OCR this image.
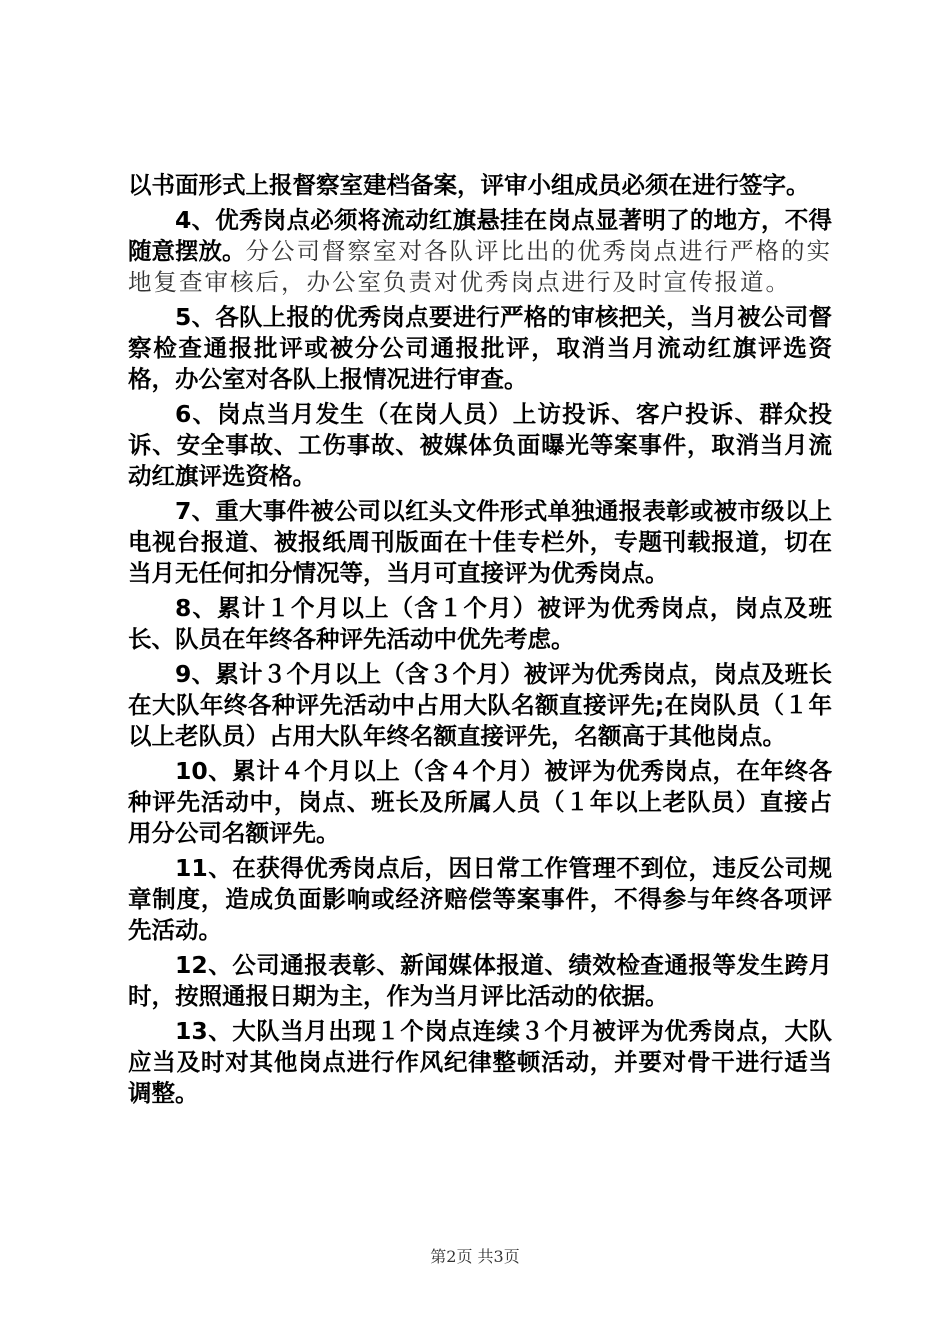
以书面形式上报督察室建档备案，评审小组成员必须在进行签字。

4、优秀岗点必须将流动红旗悬挂在岗点显著明了的地方，不得随意摆放。分公司督察室对各队评比出的优秀岗点进行严格的实地复查审核后，办公室负责对优秀岗点进行及时宣传报道。

5、各队上报的优秀岗点要进行严格的审核把关，当月被公司督察检查通报批评或被分公司通报批评，取消当月流动红旗评选资格，办公室对各队上报情况进行审查。

6、岗点当月发生（在岗人员）上访投诉、客户投诉、群众投诉、安全事故、工伤事故、被媒体负面曝光等案事件，取消当月流动红旗评选资格。

7、重大事件被公司以红头文件形式单独通报表彰或被市级以上电视台报道、被报纸周刊版面在十佳专栏外，专题刊载报道，切在当月无任何扣分情况等，当月可直接评为优秀岗点。

8、累计１个月以上（含１个月）被评为优秀岗点，岗点及班长、队员在年终各种评先活动中优先考虑。

9、累计３个月以上（含３个月）被评为优秀岗点，岗点及班长在大队年终各种评先活动中占用大队名额直接评先;在岗队员（１年以上老队员）占用大队年终名额直接评先，名额高于其他岗点。

10、累计４个月以上（含４个月）被评为优秀岗点，在年终各种评先活动中，岗点、班长及所属人员（１年以上老队员）直接占用分公司名额评先。

11、在获得优秀岗点后，因日常工作管理不到位，违反公司规章制度，造成负面影响或经济赔偿等案事件，不得参与年终各项评先活动。

12、公司通报表彰、新闻媒体报道、绩效检查通报等发生跨月时，按照通报日期为主，作为当月评比活动的依据。

13、大队当月出现１个岗点连续３个月被评为优秀岗点，大队应当及时对其他岗点进行作风纪律整顿活动，并要对骨干进行适当调整。

第2页 共3页
